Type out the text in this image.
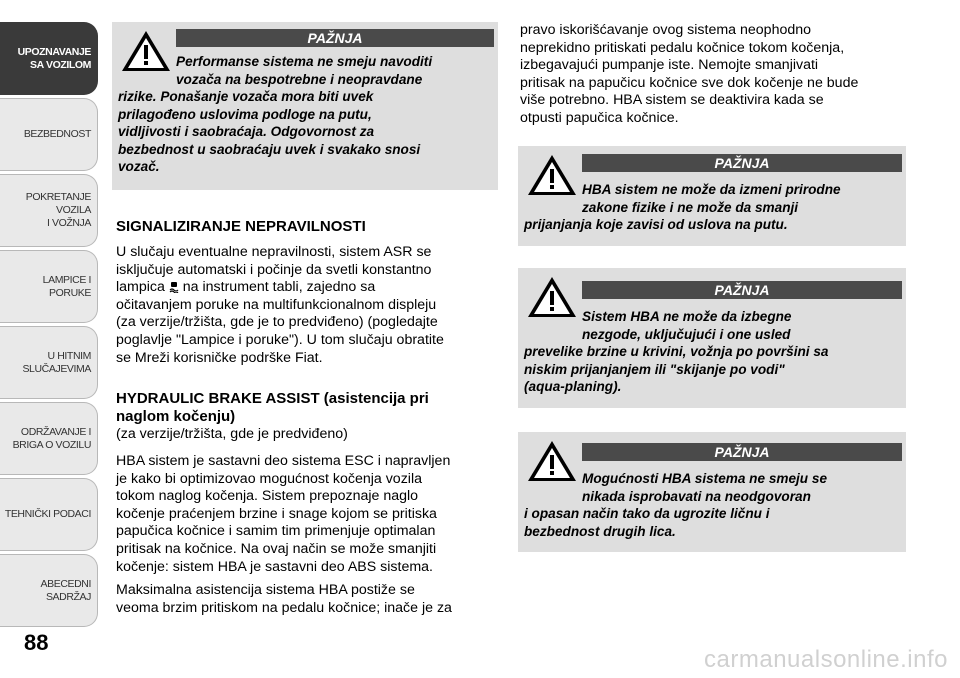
UPOZNAVANJE
SA VOZILOM
BEZBEDNOST
POKRETANJE VOZILA
I VOŽNJA
LAMPICE I PORUKE
U HITNIM
SLUČAJEVIMA
ODRŽAVANJE I
BRIGA O VOZILU
TEHNIČKI PODACI
ABECEDNI SADRŽAJ
88
PAŽNJA
Performanse sistema ne smeju navoditi
vozača na bespotrebne i neopravdane
rizike. Ponašanje vozača mora biti uvek
prilagođeno uslovima podloge na putu,
vidljivosti i saobraćaja. Odgovornost za
bezbednost u saobraćaju uvek i svakako snosi
vozač.
SIGNALIZIRANJE NEPRAVILNOSTI
U slučaju eventualne nepravilnosti, sistem ASR se
isključuje automatski i počinje da svetli konstantno
lampica  na instrument tabli, zajedno sa
očitavanjem poruke na multifunkcionalnom displeju
(za verzije/tržišta, gde je to predviđeno) (pogledajte
poglavlje "Lampice i poruke"). U tom slučaju obratite
se Mreži korisničke podrške Fiat.
HYDRAULIC BRAKE ASSIST (asistencija pri
naglom kočenju)
(za verzije/tržišta, gde je predviđeno)
HBA sistem je sastavni deo sistema ESC i napravljen
je kako bi optimizovao mogućnost kočenja vozila
tokom naglog kočenja. Sistem prepoznaje naglo
kočenje praćenjem brzine i snage kojom se pritiska
papučica kočnice i samim tim primenjuje optimalan
pritisak na kočnice. Na ovaj način se može smanjiti
kočenje: sistem HBA je sastavni deo ABS sistema.
Maksimalna asistencija sistema HBA postiže se
veoma brzim pritiskom na pedalu kočnice; inače je za
pravo iskorišćavanje ovog sistema neophodno
neprekidno pritiskati pedalu kočnice tokom kočenja,
izbegavajući pumpanje iste. Nemojte smanjivati
pritisak na papučicu kočnice sve dok kočenje ne bude
više potrebno. HBA sistem se deaktivira kada se
otpusti papučica kočnice.
PAŽNJA
HBA sistem ne može da izmeni prirodne
zakone fizike i ne može da smanji
prijanjanja koje zavisi od uslova na putu.
PAŽNJA
Sistem HBA ne može da izbegne
nezgode, uključujući i one usled
prevelike brzine u krivini, vožnja po površini sa
niskim prijanjanjem ili "skijanje po vodi"
(aqua-planing).
PAŽNJA
Mogućnosti HBA sistema ne smeju se
nikada isprobavati na neodgovoran
i opasan način tako da ugrozite ličnu i
bezbednost drugih lica.
carmanualsonline.info
